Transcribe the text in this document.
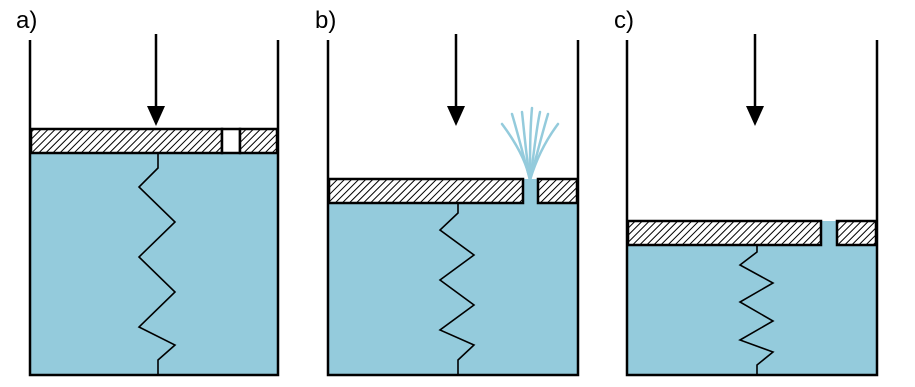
a)	b)	c)
